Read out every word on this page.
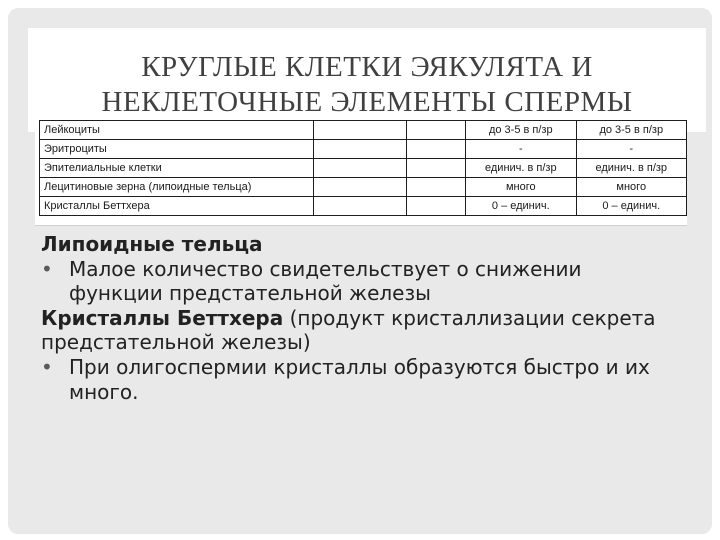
КРУГЛЫЕ КЛЕТКИ ЭЯКУЛЯТА И
НЕКЛЕТОЧНЫЕ ЭЛЕМЕНТЫ СПЕРМЫ
Лейкоциты			до 3-5 в п/зр	до 3-5 в п/зр
Эритроциты			-	-
Эпителиальные клетки			единич. в п/зр	единич. в п/зр
Лецитиновые зерна (липоидные тельца)			много	много
Кристаллы Беттхера			0 – единич.	0 – единич.

Липоидные тельца

• Малое количество свидетельствует о снижении функции предстательной железы

Кристаллы Беттхера (продукт кристаллизации секрета предстательной железы)

• При олигоспермии кристаллы образуются быстро и их много.
